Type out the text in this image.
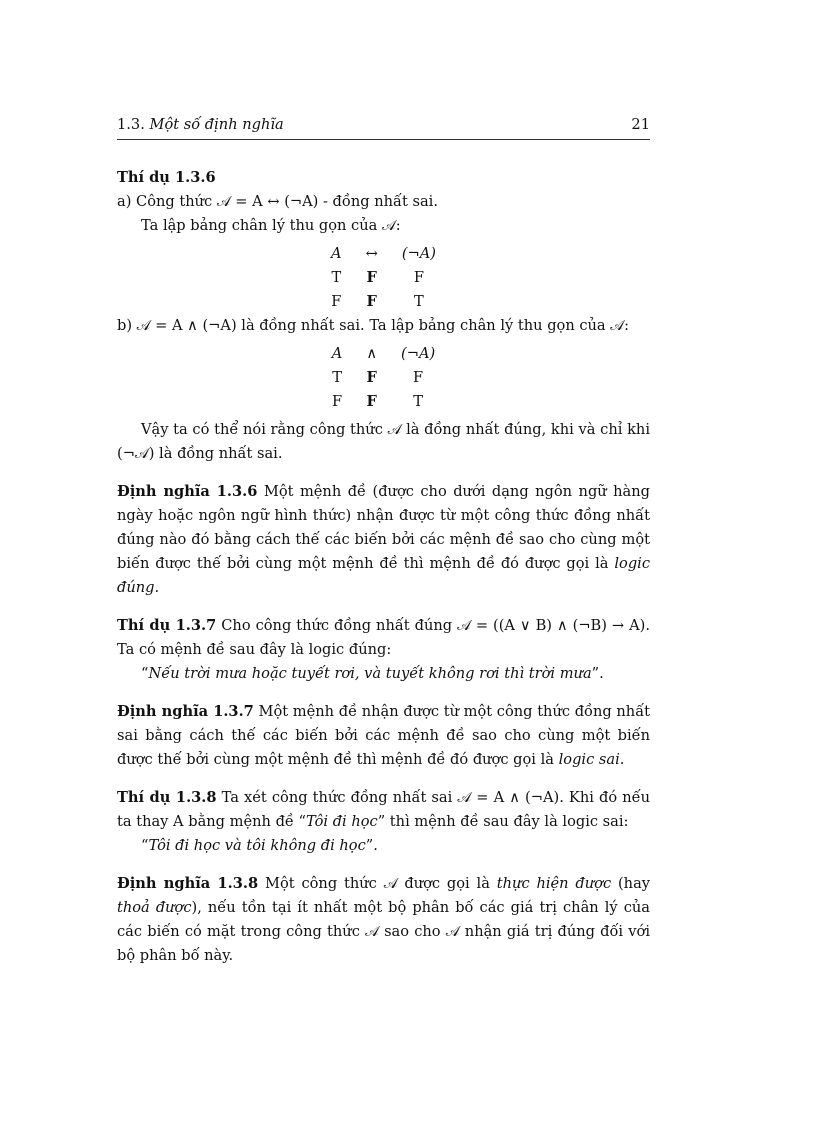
1.3. Một số định nghĩa	21

Thí dụ 1.3.6

a) Công thức 𝒜 = A ↔ (¬A) - đồng nhất sai.

Ta lập bảng chân lý thu gọn của 𝒜:

A	↔	(¬A)
T	F	F
F	F	T

b) 𝒜 = A ∧ (¬A) là đồng nhất sai. Ta lập bảng chân lý thu gọn của 𝒜:

A	∧	(¬A)
T	F	F
F	F	T

Vậy ta có thể nói rằng công thức 𝒜 là đồng nhất đúng, khi và chỉ khi (¬𝒜) là đồng nhất sai.

Định nghĩa 1.3.6 Một mệnh đề (được cho dưới dạng ngôn ngữ hàng ngày hoặc ngôn ngữ hình thức) nhận được từ một công thức đồng nhất đúng nào đó bằng cách thế các biến bởi các mệnh đề sao cho cùng một biến được thế bởi cùng một mệnh đề thì mệnh đề đó được gọi là logic đúng.

Thí dụ 1.3.7 Cho công thức đồng nhất đúng 𝒜 = ((A ∨ B) ∧ (¬B) → A). Ta có mệnh đề sau đây là logic đúng:

“Nếu trời mưa hoặc tuyết rơi, và tuyết không rơi thì trời mưa”.

Định nghĩa 1.3.7 Một mệnh đề nhận được từ một công thức đồng nhất sai bằng cách thế các biến bởi các mệnh đề sao cho cùng một biến được thế bởi cùng một mệnh đề thì mệnh đề đó được gọi là logic sai.

Thí dụ 1.3.8 Ta xét công thức đồng nhất sai 𝒜 = A ∧ (¬A). Khi đó nếu ta thay A bằng mệnh đề “Tôi đi học” thì mệnh đề sau đây là logic sai:

“Tôi đi học và tôi không đi học”.

Định nghĩa 1.3.8 Một công thức 𝒜 được gọi là thực hiện được (hay thoả được), nếu tồn tại ít nhất một bộ phân bố các giá trị chân lý của các biến có mặt trong công thức 𝒜 sao cho 𝒜 nhận giá trị đúng đối với bộ phân bố này.
